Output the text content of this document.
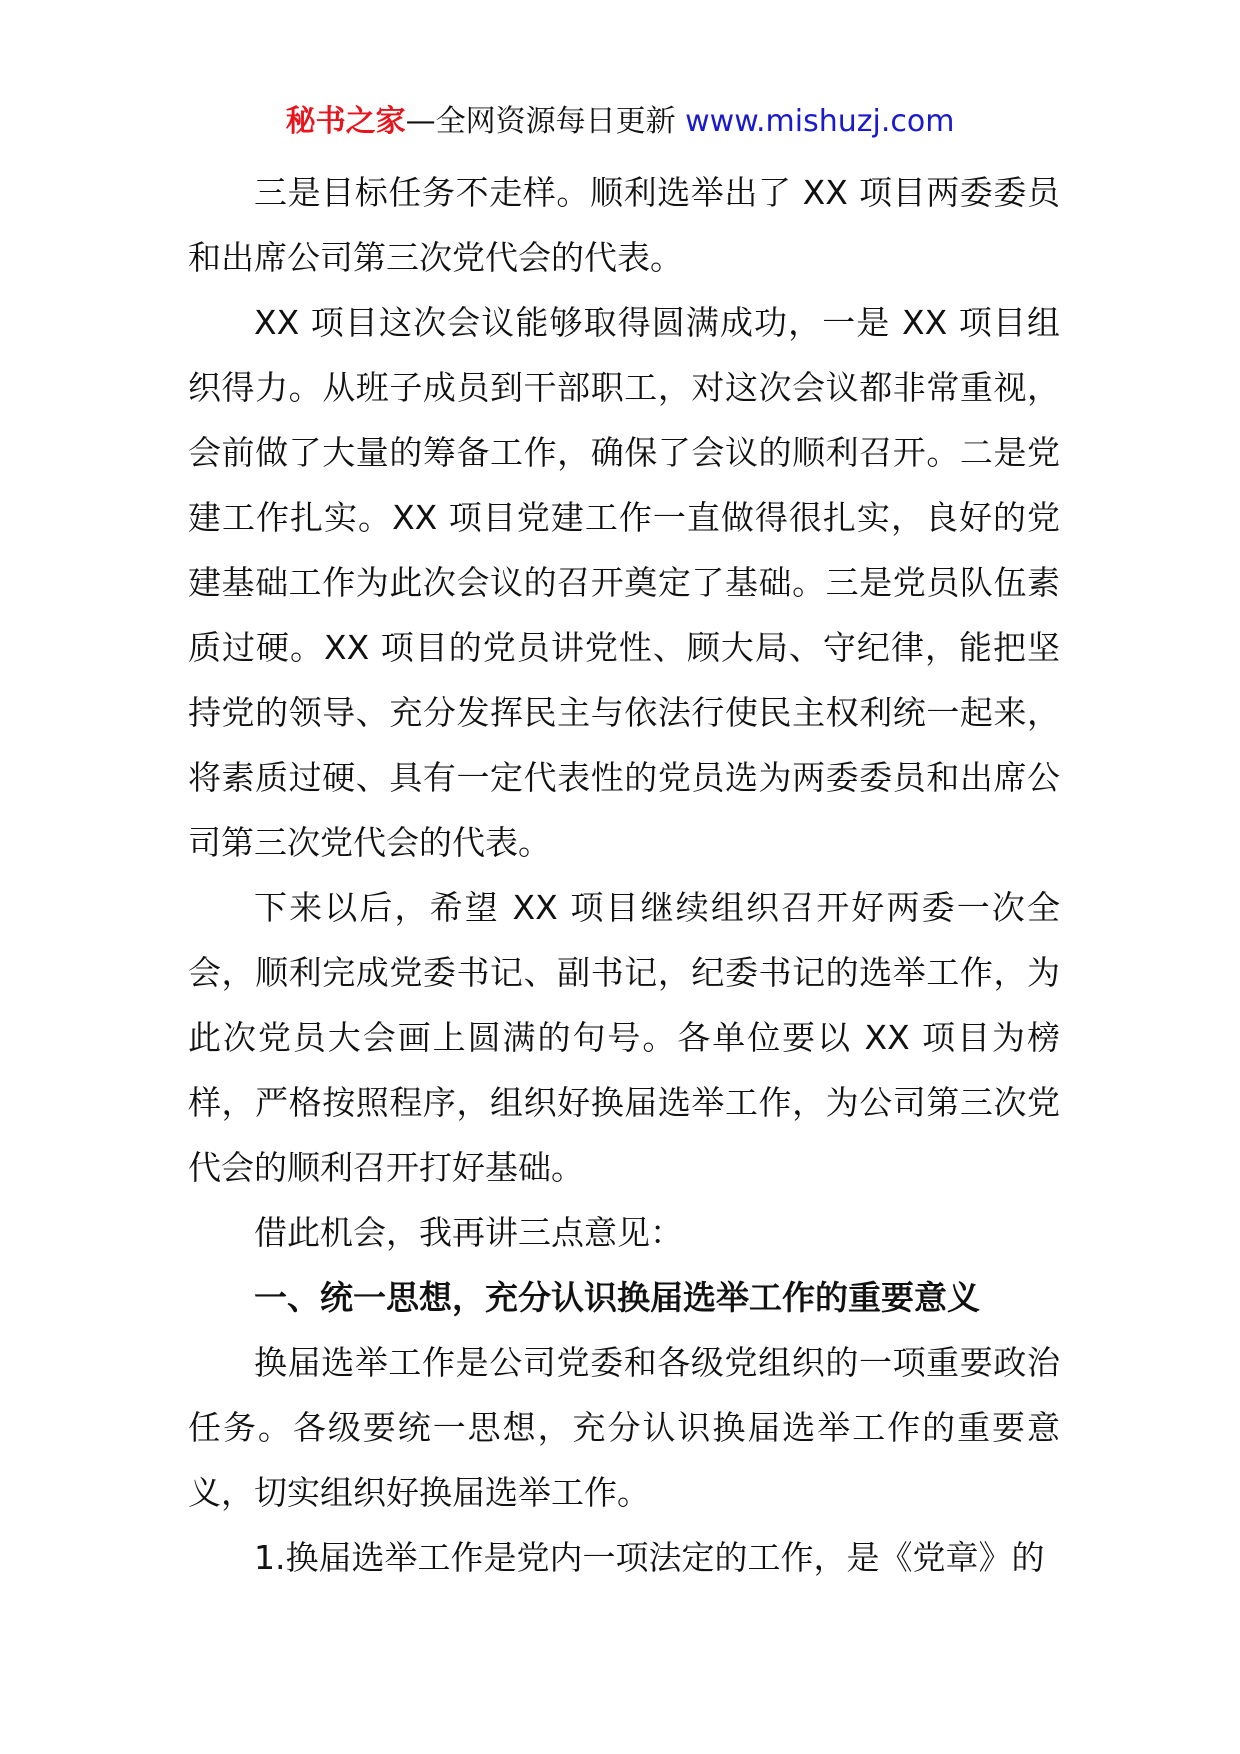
秘书之家—全网资源每日更新 www.mishuzj.com

三是目标任务不走样。顺利选举出了 XX 项目两委委员和出席公司第三次党代会的代表。

XX 项目这次会议能够取得圆满成功，一是 XX 项目组织得力。从班子成员到干部职工，对这次会议都非常重视，会前做了大量的筹备工作，确保了会议的顺利召开。二是党建工作扎实。XX 项目党建工作一直做得很扎实，良好的党建基础工作为此次会议的召开奠定了基础。三是党员队伍素质过硬。XX 项目的党员讲党性、顾大局、守纪律，能把坚持党的领导、充分发挥民主与依法行使民主权利统一起来，将素质过硬、具有一定代表性的党员选为两委委员和出席公司第三次党代会的代表。

下来以后，希望 XX 项目继续组织召开好两委一次全会，顺利完成党委书记、副书记，纪委书记的选举工作，为此次党员大会画上圆满的句号。各单位要以 XX 项目为榜样，严格按照程序，组织好换届选举工作，为公司第三次党代会的顺利召开打好基础。

借此机会，我再讲三点意见：

一、统一思想，充分认识换届选举工作的重要意义

换届选举工作是公司党委和各级党组织的一项重要政治任务。各级要统一思想，充分认识换届选举工作的重要意义，切实组织好换届选举工作。

1.换届选举工作是党内一项法定的工作，是《党章》的
